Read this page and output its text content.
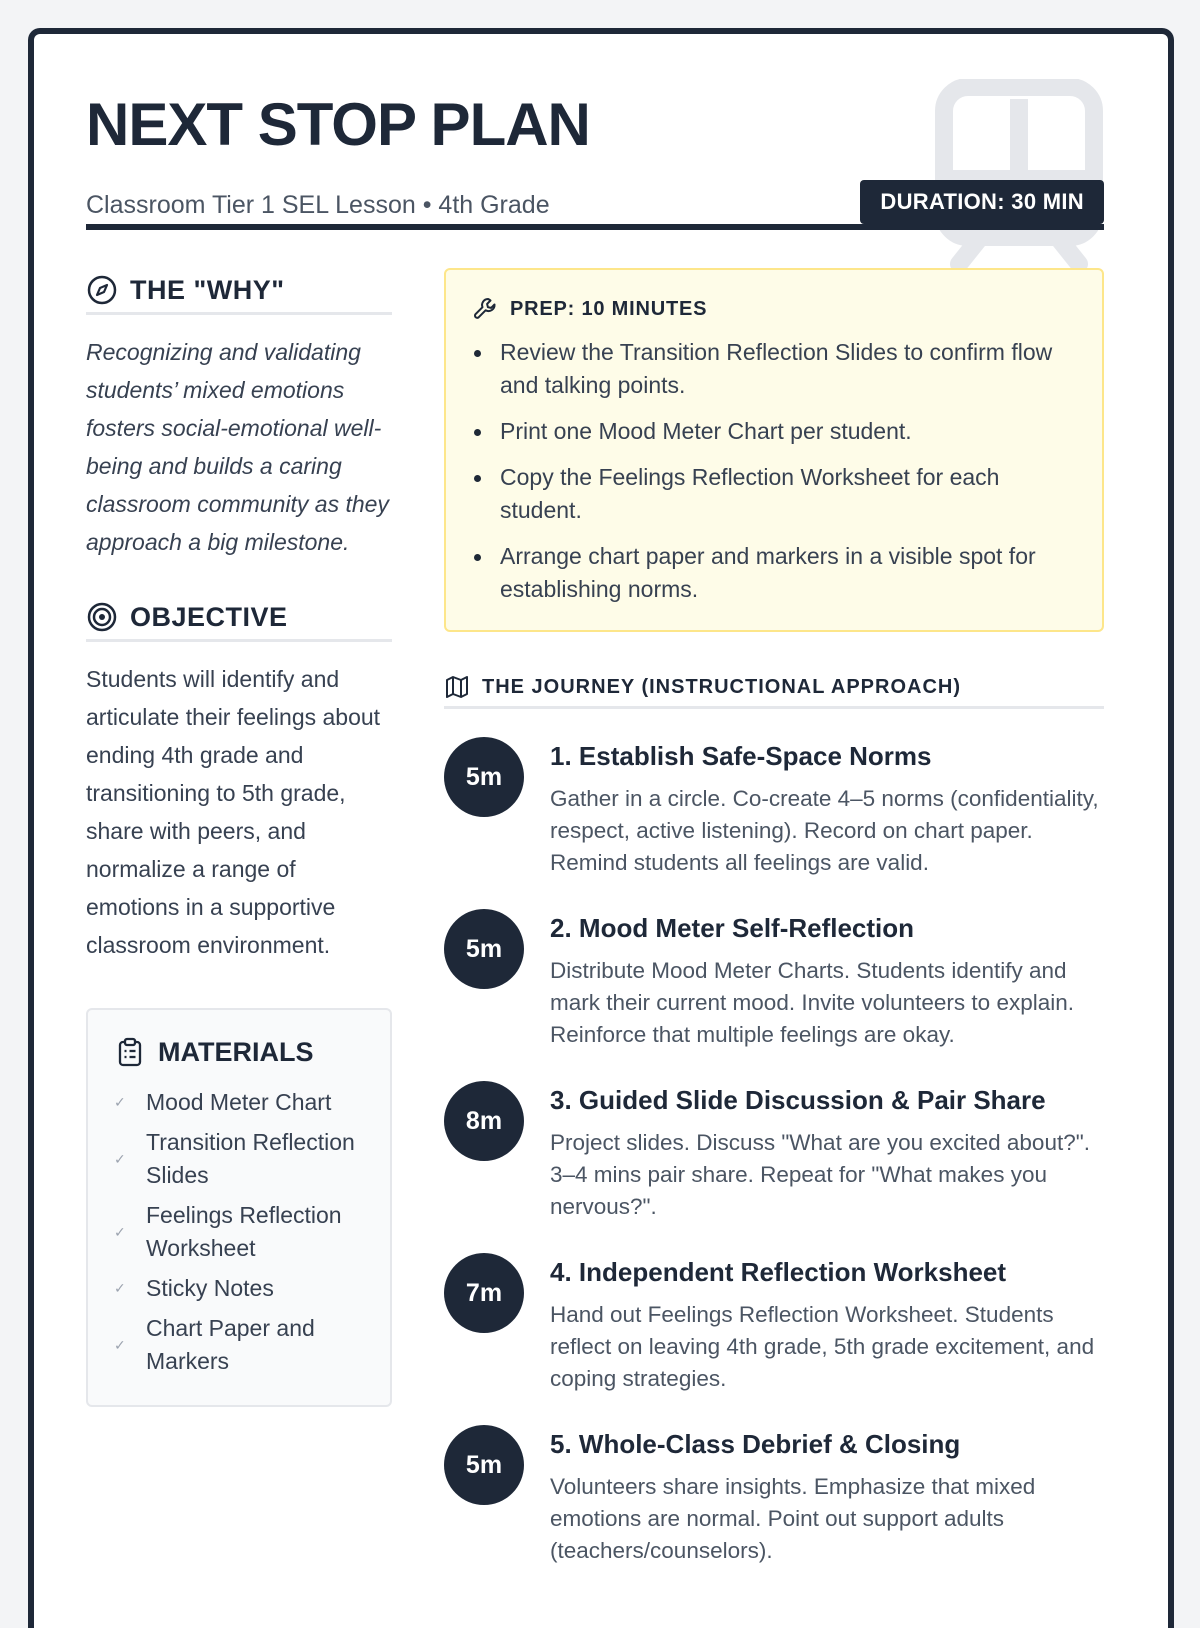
NEXT STOP PLAN
Classroom Tier 1 SEL Lesson • 4th Grade	DURATION: 30 MIN
THE "WHY"

Recognizing and validating students’ mixed emotions fosters social-emotional well-being and builds a caring classroom community as they approach a big milestone.

OBJECTIVE

Students will identify and articulate their feelings about ending 4th grade and transitioning to 5th grade, share with peers, and normalize a range of emotions in a supportive classroom environment.

MATERIALS
✓ Mood Meter Chart
✓
Transition Reflection Slides
✓
Feelings Reflection Worksheet
✓ Sticky Notes
✓
Chart Paper and Markers
PREP: 10 MINUTES
Review the Transition Reflection Slides to confirm flow and talking points.
Print one Mood Meter Chart per student.
Copy the Feelings Reflection Worksheet for each student.
Arrange chart paper and markers in a visible spot for establishing norms.
THE JOURNEY (INSTRUCTIONAL APPROACH)
5m
1. Establish Safe-Space Norms
Gather in a circle. Co-create 4–5 norms (confidentiality, respect, active listening). Record on chart paper. Remind students all feelings are valid.
5m
2. Mood Meter Self-Reflection
Distribute Mood Meter Charts. Students identify and mark their current mood. Invite volunteers to explain. Reinforce that multiple feelings are okay.
8m
3. Guided Slide Discussion & Pair Share
Project slides. Discuss "What are you excited about?". 3–4 mins pair share. Repeat for "What makes you nervous?".
7m
4. Independent Reflection Worksheet
Hand out Feelings Reflection Worksheet. Students reflect on leaving 4th grade, 5th grade excitement, and coping strategies.
5m
5. Whole-Class Debrief & Closing
Volunteers share insights. Emphasize that mixed emotions are normal. Point out support adults (teachers/counselors).
